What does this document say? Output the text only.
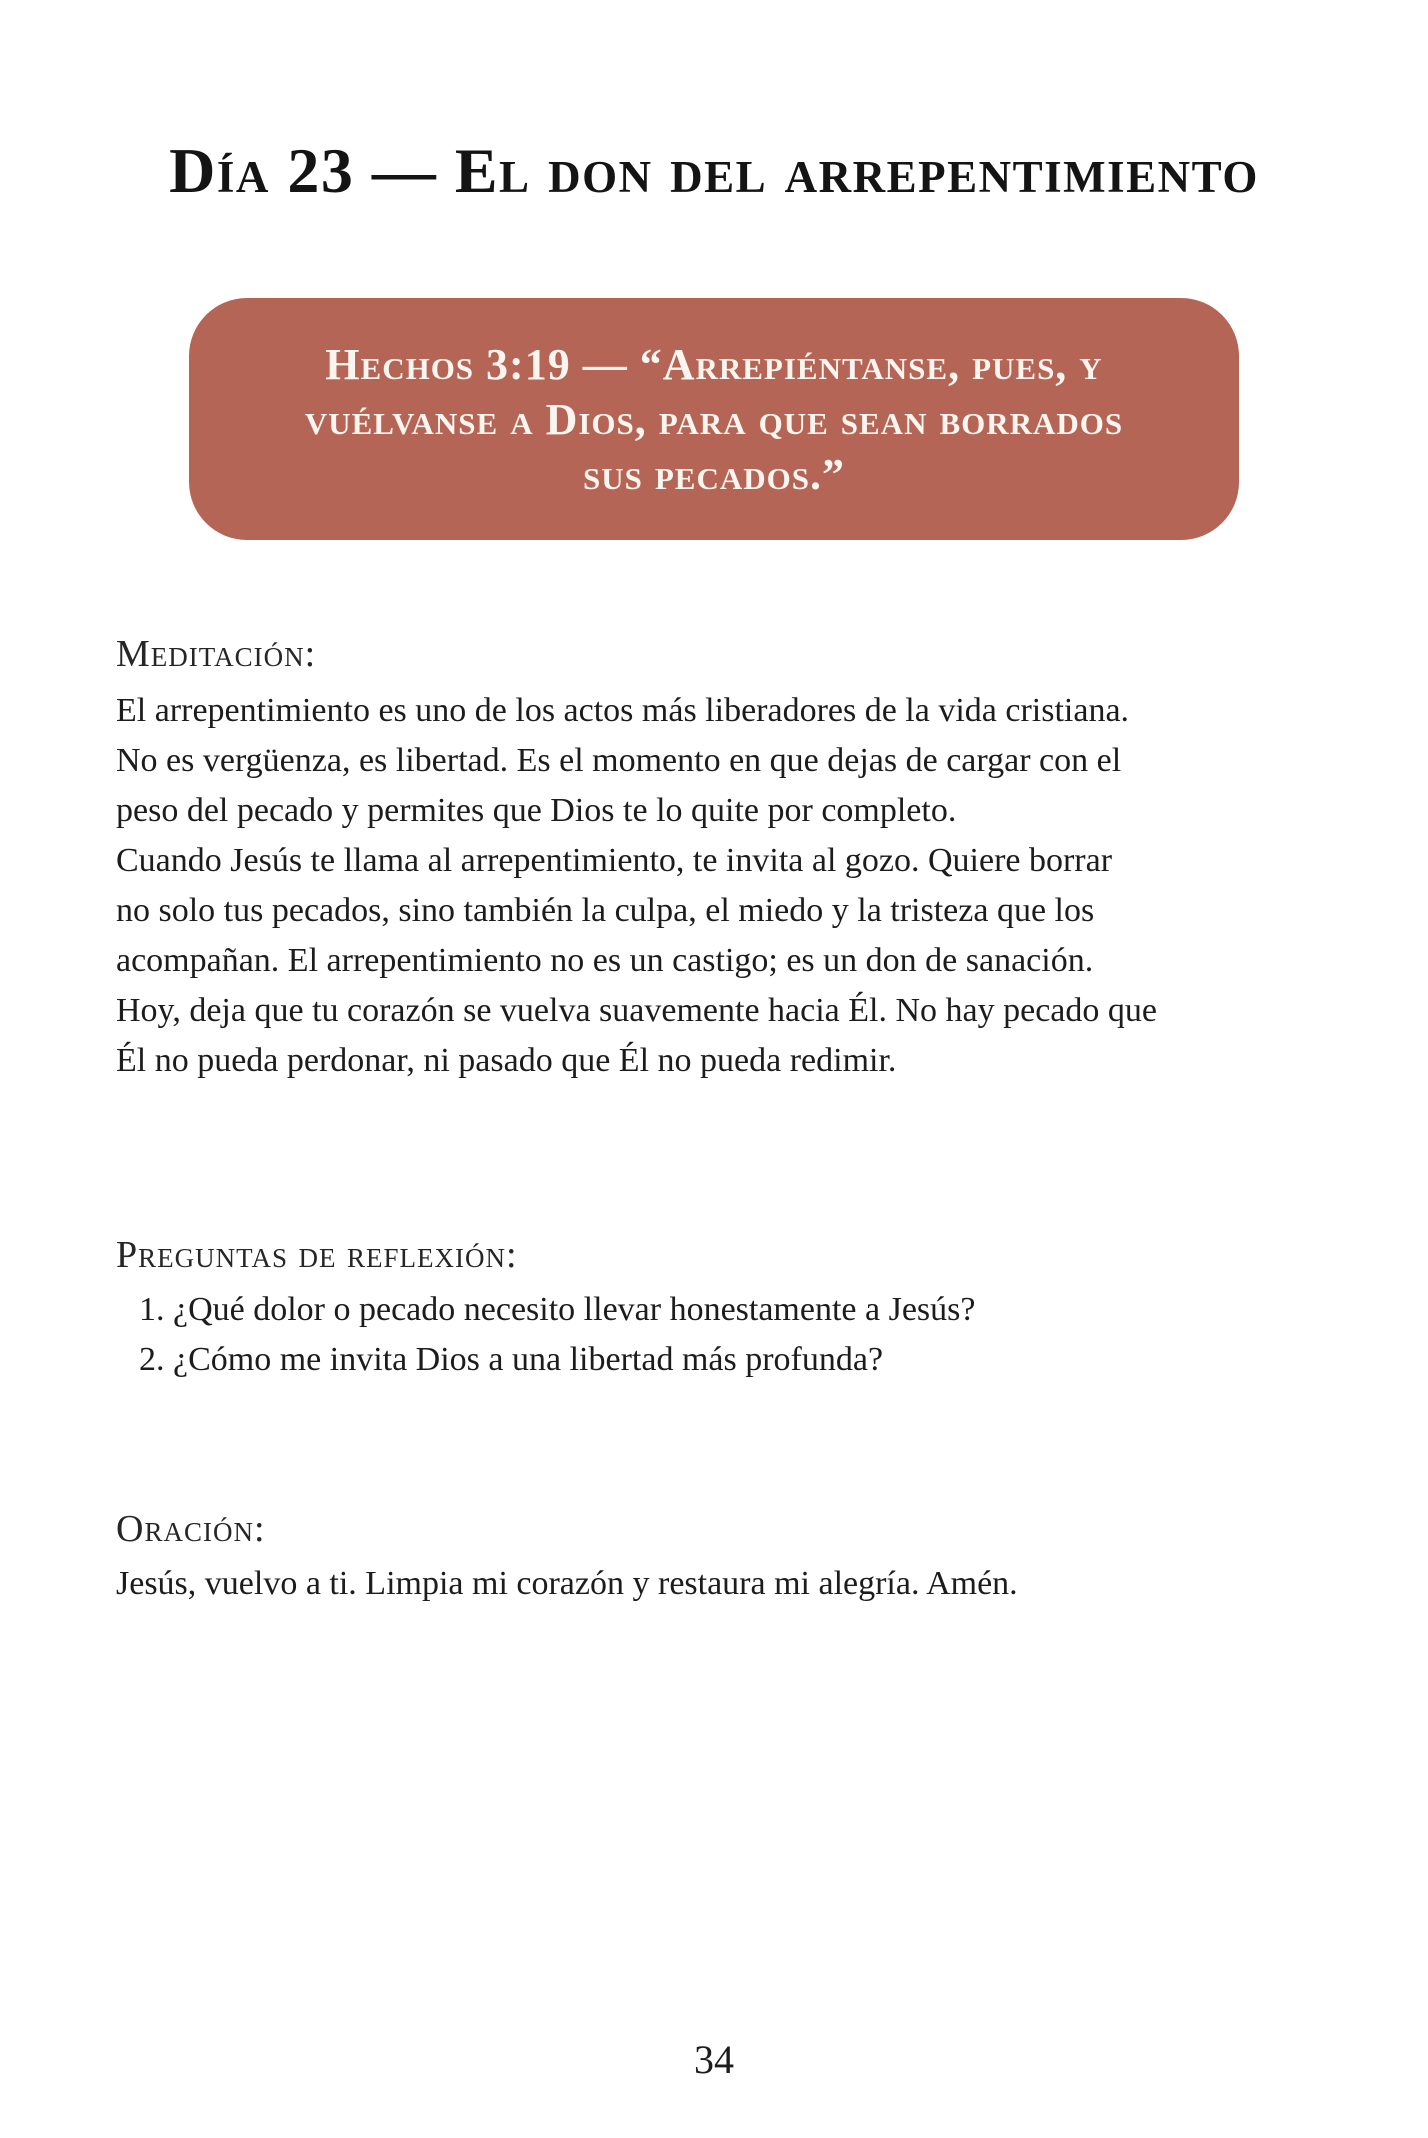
Día 23 — El don del arrepentimiento
Hechos 3:19 — “Arrepiéntanse, pues, y
vuélvanse a Dios, para que sean borrados
sus pecados.”
Meditación:
El arrepentimiento es uno de los actos más liberadores de la vida cristiana.
No es vergüenza, es libertad. Es el momento en que dejas de cargar con el
peso del pecado y permites que Dios te lo quite por completo.
Cuando Jesús te llama al arrepentimiento, te invita al gozo. Quiere borrar
no solo tus pecados, sino también la culpa, el miedo y la tristeza que los
acompañan. El arrepentimiento no es un castigo; es un don de sanación.
Hoy, deja que tu corazón se vuelva suavemente hacia Él. No hay pecado que
Él no pueda perdonar, ni pasado que Él no pueda redimir.
Preguntas de reflexión:
1. ¿Qué dolor o pecado necesito llevar honestamente a Jesús?
2. ¿Cómo me invita Dios a una libertad más profunda?
Oración:
Jesús, vuelvo a ti. Limpia mi corazón y restaura mi alegría. Amén.
34
